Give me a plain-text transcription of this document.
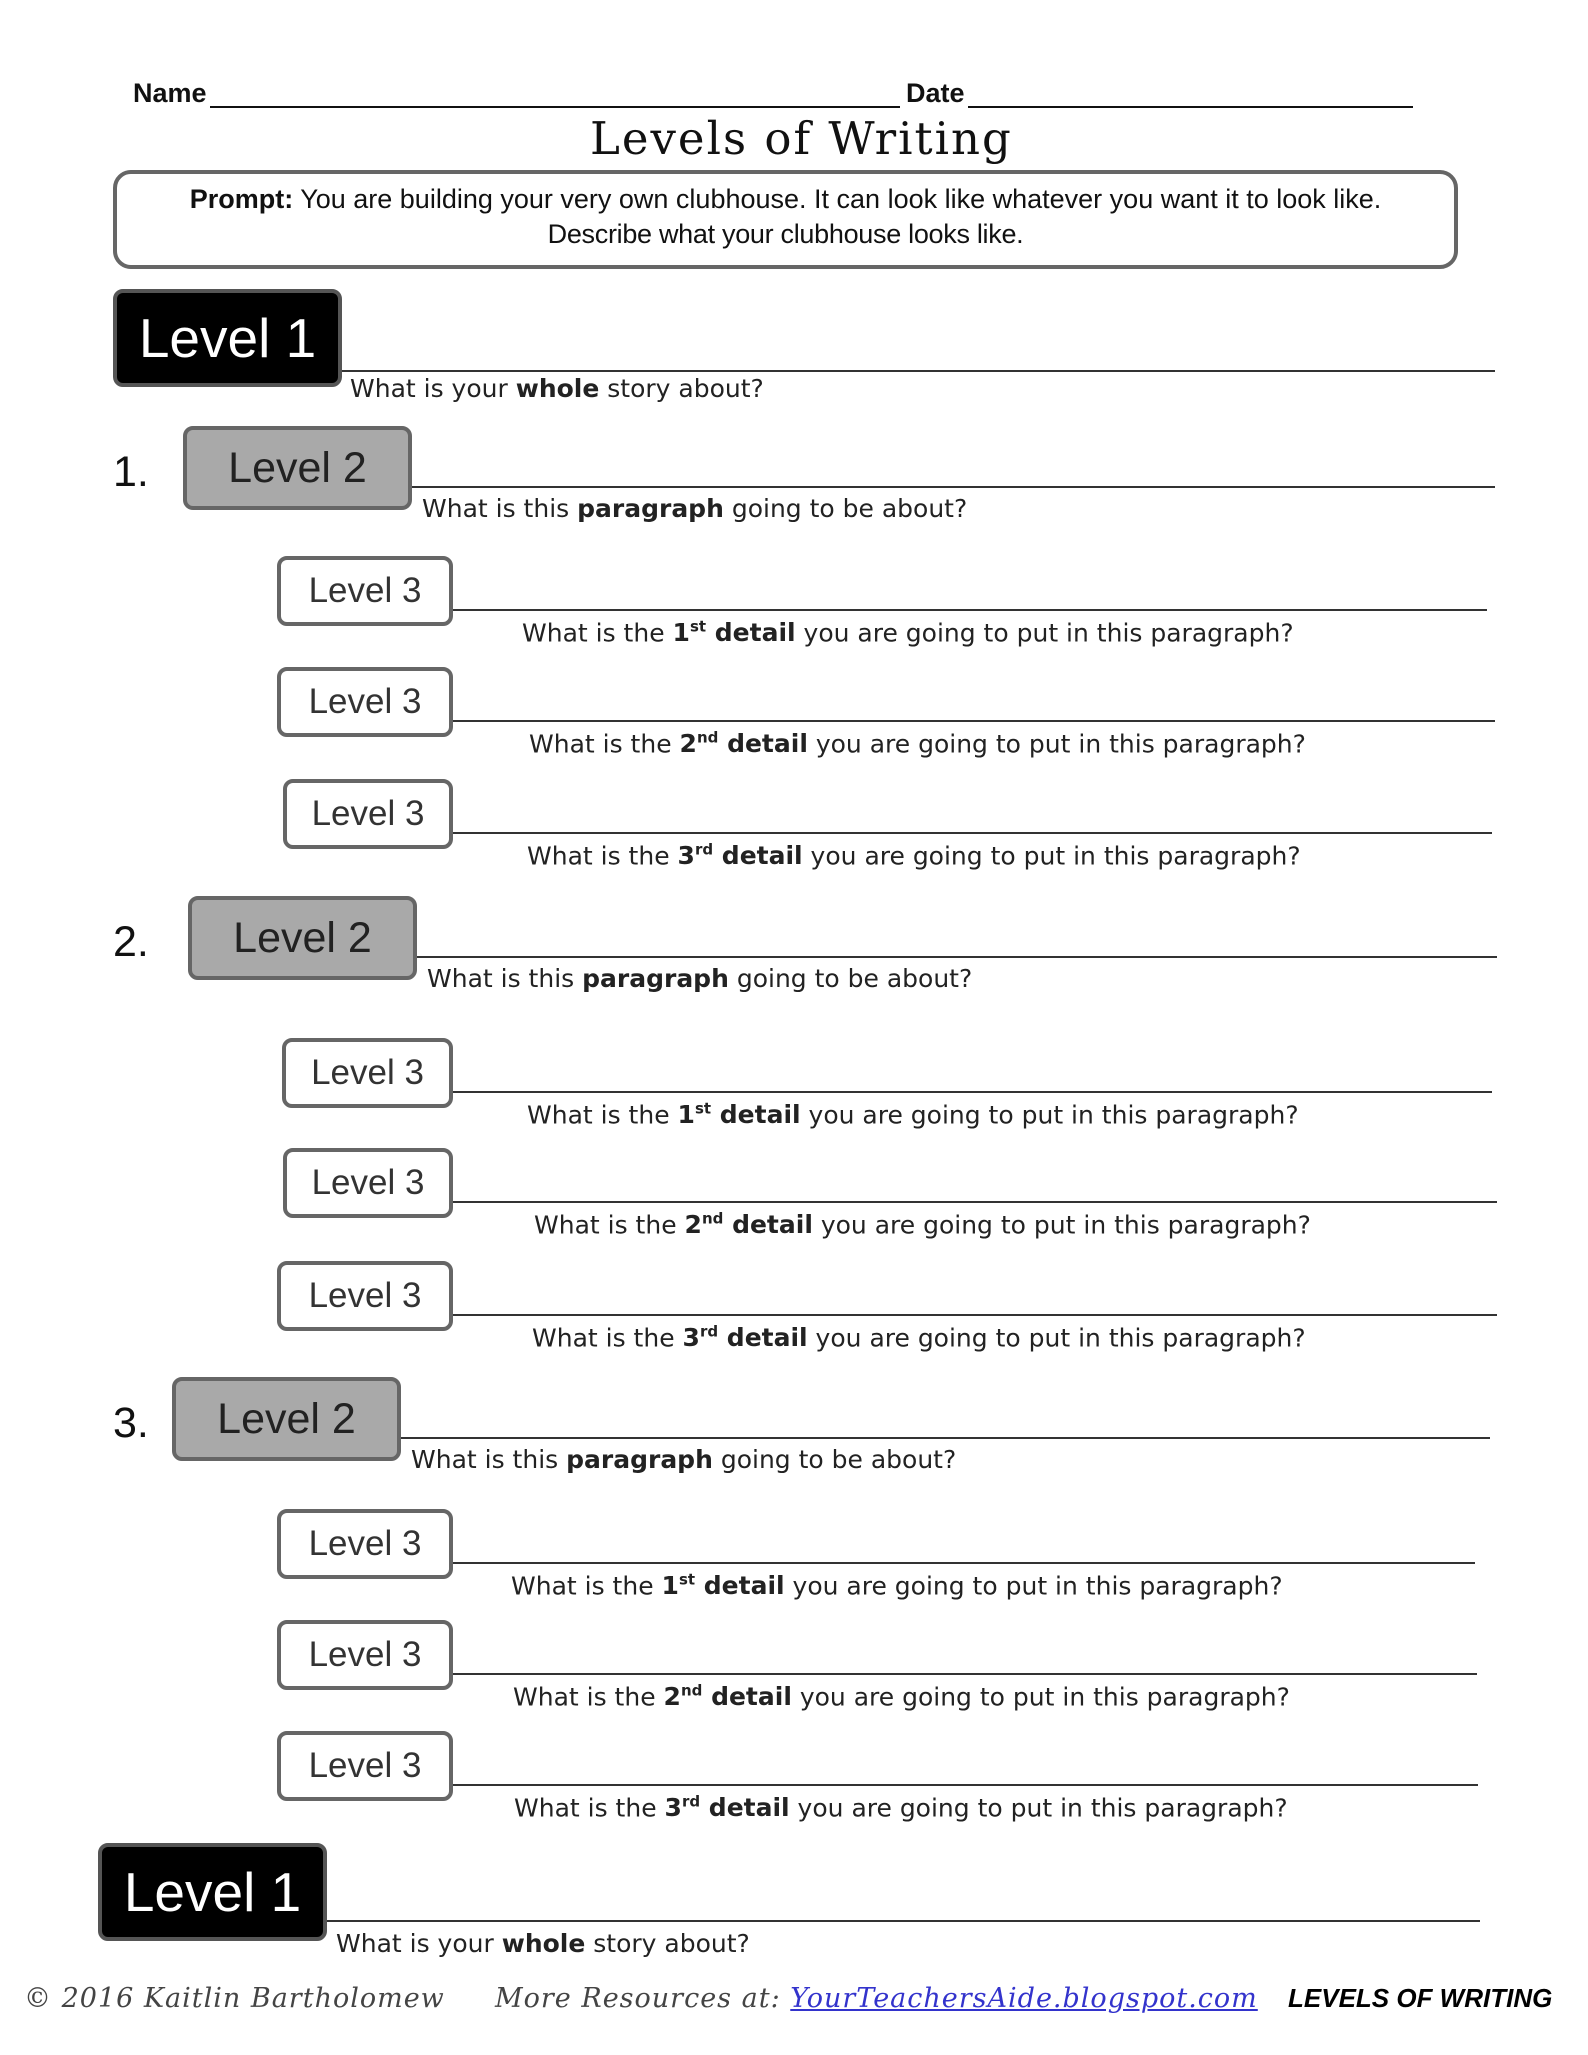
Name	Date
Levels of Writing
Prompt: You are building your very own clubhouse. It can look like whatever you want it to look like.
Describe what your clubhouse looks like.
Level 1
What is your whole story about?
1.	Level 2
What is this paragraph going to be about?
Level 3
What is the 1st detail you are going to put in this paragraph?
Level 3
What is the 2nd detail you are going to put in this paragraph?
Level 3
What is the 3rd detail you are going to put in this paragraph?
2.	Level 2
What is this paragraph going to be about?
Level 3
What is the 1st detail you are going to put in this paragraph?
Level 3
What is the 2nd detail you are going to put in this paragraph?
Level 3
What is the 3rd detail you are going to put in this paragraph?
3.	Level 2
What is this paragraph going to be about?
Level 3
What is the 1st detail you are going to put in this paragraph?
Level 3
What is the 2nd detail you are going to put in this paragraph?
Level 3
What is the 3rd detail you are going to put in this paragraph?
Level 1
What is your whole story about?
© 2016 Kaitlin Bartholomew More Resources at: YourTeachersAide.blogspot.com LEVELS OF WRITING
